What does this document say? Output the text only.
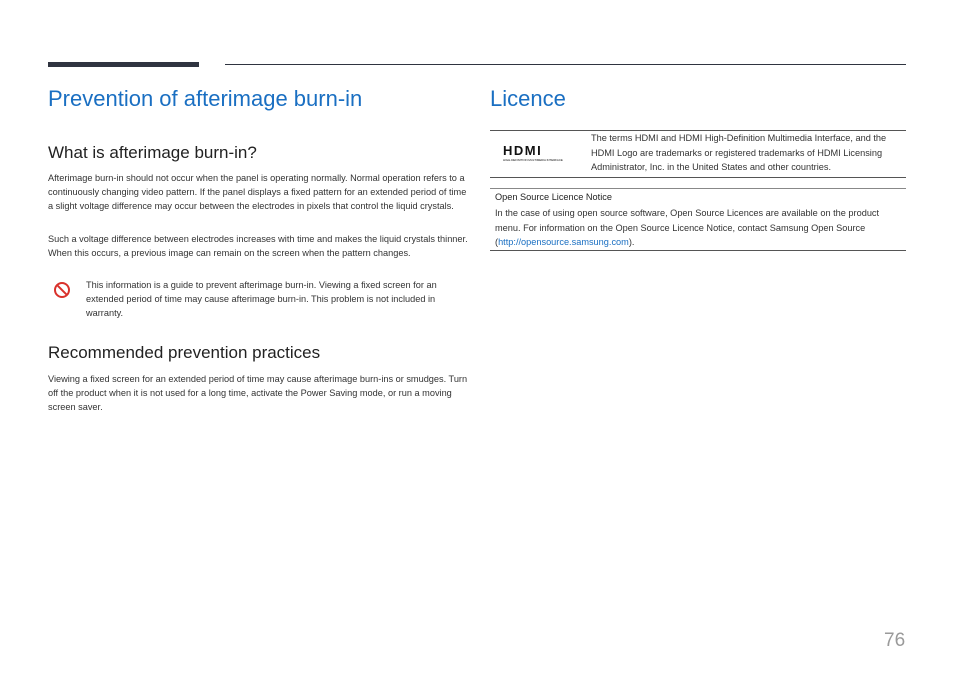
Prevention of afterimage burn-in
What is afterimage burn-in?

Afterimage burn-in should not occur when the panel is operating normally. Normal operation refers to a continuously changing video pattern. If the panel displays a fixed pattern for an extended period of time a slight voltage difference may occur between the electrodes in pixels that control the liquid crystals.

Such a voltage difference between electrodes increases with time and makes the liquid crystals thinner. When this occurs, a previous image can remain on the screen when the pattern changes.

This information is a guide to prevent afterimage burn-in. Viewing a fixed screen for an extended period of time may cause afterimage burn-in. This problem is not included in warranty.

Recommended prevention practices

Viewing a fixed screen for an extended period of time may cause afterimage burn-ins or smudges. Turn off the product when it is not used for a long time, activate the Power Saving mode, or run a moving screen saver.

Licence
HDMI
HIGH-DEFINITION MULTIMEDIA INTERFACE

The terms HDMI and HDMI High-Definition Multimedia Interface, and the HDMI Logo are trademarks or registered trademarks of HDMI Licensing Administrator, Inc. in the United States and other countries.

Open Source Licence Notice

In the case of using open source software, Open Source Licences are available on the product menu. For information on the Open Source Licence Notice, contact Samsung Open Source (http://opensource.samsung.com).

76
